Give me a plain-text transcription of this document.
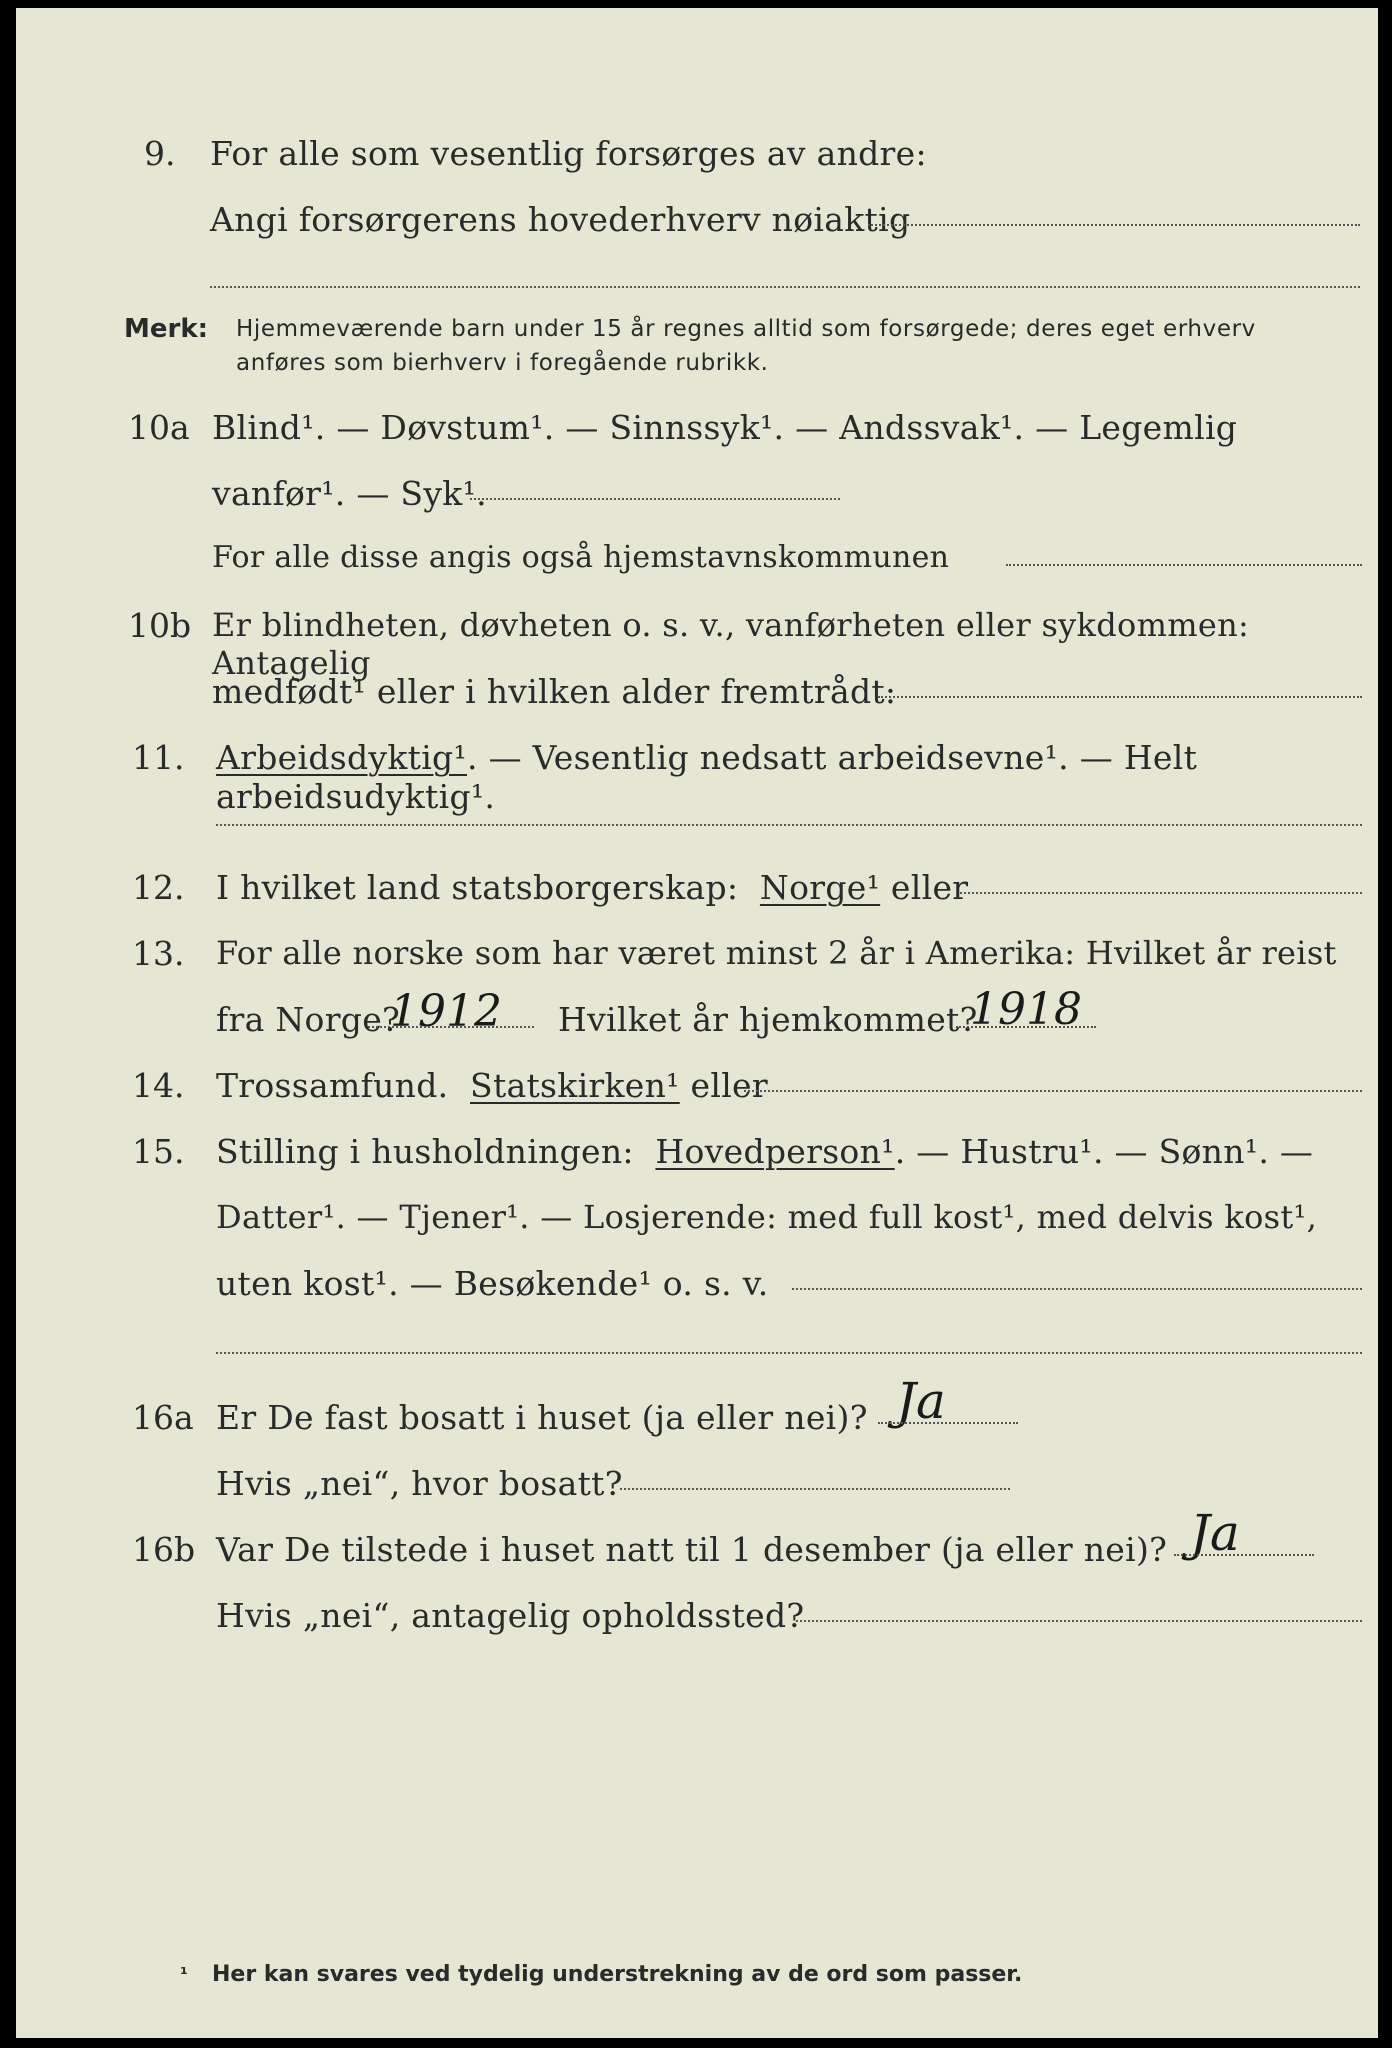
9. For alle som vesentlig forsørges av andre:
Angi forsørgerens hovederhverv nøiaktig
Merk: Hjemmeværende barn under 15 år regnes alltid som forsørgede; deres eget erhverv
anføres som bierhverv i foregående rubrikk.
10a Blind¹. — Døvstum¹. — Sinnssyk¹. — Andssvak¹. — Legemlig
vanfør¹. — Syk¹.
For alle disse angis også hjemstavnskommunen
10b Er blindheten, døvheten o. s. v., vanførheten eller sykdommen: Antagelig
medfødt¹ eller i hvilken alder fremtrådt:
11. Arbeidsdyktig¹. — Vesentlig nedsatt arbeidsevne¹. — Helt arbeidsudyktig¹.
12. I hvilket land statsborgerskap: Norge¹ eller
13. For alle norske som har været minst 2 år i Amerika: Hvilket år reist
fra Norge?
1912 Hvilket år hjemkommet?
1918
14. Trossamfund. Statskirken¹ eller
15. Stilling i husholdningen: Hovedperson¹. — Hustru¹. — Sønn¹. —
Datter¹. — Tjener¹. — Losjerende: med full kost¹, med delvis kost¹,
uten kost¹. — Besøkende¹ o. s. v.
16a Er De fast bosatt i huset (ja eller nei)? Ja
Hvis „nei“, hvor bosatt?
16b Var De tilstede i huset natt til 1 desember (ja eller nei)? Ja
Hvis „nei“, antagelig opholdssted?
¹ Her kan svares ved tydelig understrekning av de ord som passer.
